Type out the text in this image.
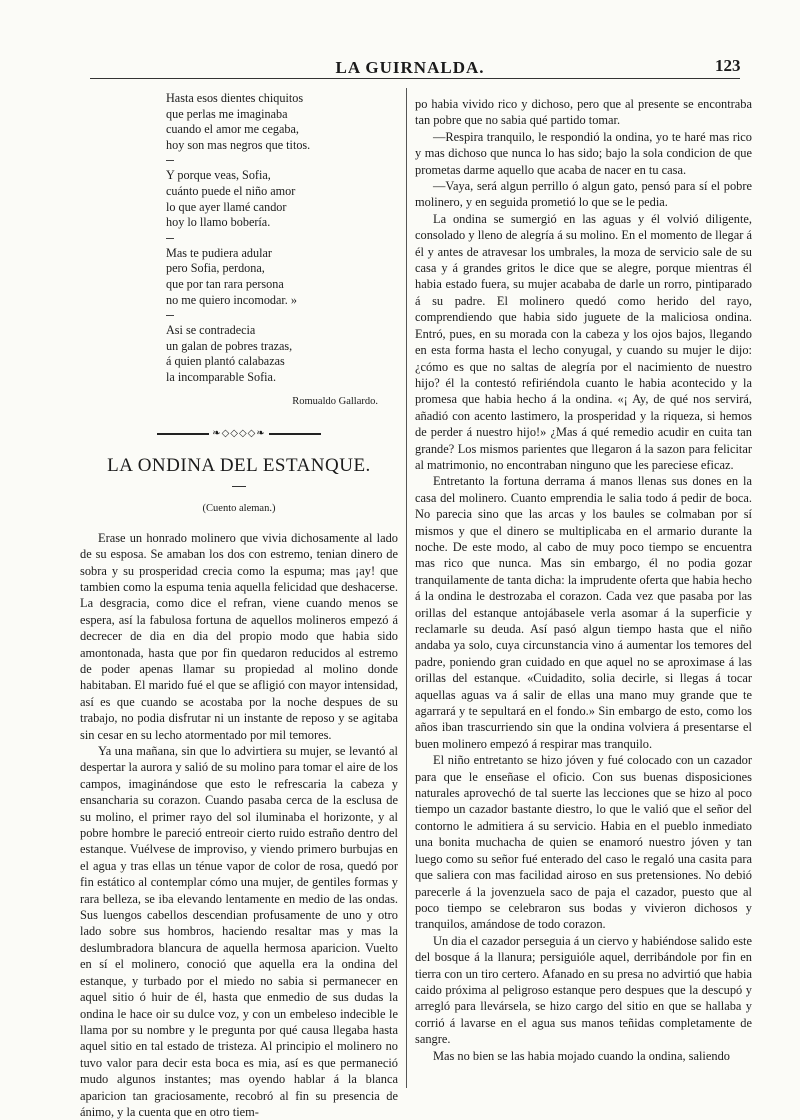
LA GUIRNALDA.	123
Hasta esos dientes chiquitos
que perlas me imaginaba
cuando el amor me cegaba,
hoy son mas negros que titos.
Y porque veas, Sofia,
cuánto puede el niño amor
lo que ayer llamé candor
hoy lo llamo bobería.
Mas te pudiera adular
pero Sofia, perdona,
que por tan rara persona
no me quiero incomodar. »
Asi se contradecia
un galan de pobres trazas,
á quien plantó calabazas
la incomparable Sofia.
Romualdo Gallardo.
❧◇◇◇◇❧
LA ONDINA DEL ESTANQUE.
(Cuento aleman.)

Erase un honrado molinero que vivia dichosamente al lado de su esposa. Se amaban los dos con estremo, tenian dinero de sobra y su prosperidad crecia como la espuma; mas ¡ay! que tambien como la espuma tenia aquella felicidad que deshacerse. La desgracia, como dice el refran, viene cuando menos se espera, así la fabulosa fortuna de aquellos molineros empezó á decrecer de dia en dia del propio modo que habia sido amontonada, hasta que por fin quedaron reducidos al estremo de poder apenas llamar su propiedad al molino donde habitaban. El marido fué el que se afligió con mayor intensidad, así es que cuando se acostaba por la noche despues de su trabajo, no podia disfrutar ni un instante de reposo y se agitaba sin cesar en su lecho atormentado por mil temores.

Ya una mañana, sin que lo advirtiera su mujer, se levantó al despertar la aurora y salió de su molino para tomar el aire de los campos, imaginándose que esto le refrescaria la cabeza y ensancharia su corazon. Cuando pasaba cerca de la esclusa de su molino, el primer rayo del sol iluminaba el horizonte, y al pobre hombre le pareció entreoir cierto ruido estraño dentro del estanque. Vuélvese de improviso, y viendo primero burbujas en el agua y tras ellas un ténue vapor de color de rosa, quedó por fin estático al contemplar cómo una mujer, de gentiles formas y rara belleza, se iba elevando lentamente en medio de las ondas. Sus luengos cabellos descendian profusamente de uno y otro lado sobre sus hombros, haciendo resaltar mas y mas la deslumbradora blancura de aquella hermosa aparicion. Vuelto en sí el molinero, conoció que aquella era la ondina del estanque, y turbado por el miedo no sabia si permanecer en aquel sitio ó huir de él, hasta que enmedio de sus dudas la ondina le hace oir su dulce voz, y con un embeleso indecible le llama por su nombre y le pregunta por qué causa llegaba hasta aquel sitio en tal estado de tristeza. Al principio el molinero no tuvo valor para decir esta boca es mia, así es que permaneció mudo algunos instantes; mas oyendo hablar á la blanca aparicion tan graciosamente, recobró al fin su presencia de ánimo, y la cuenta que en otro tiem-

po habia vivido rico y dichoso, pero que al presente se encontraba tan pobre que no sabia qué partido tomar.

—Respira tranquilo, le respondió la ondina, yo te haré mas rico y mas dichoso que nunca lo has sido; bajo la sola condicion de que prometas darme aquello que acaba de nacer en tu casa.

—Vaya, será algun perrillo ó algun gato, pensó para sí el pobre molinero, y en seguida prometió lo que se le pedia.

La ondina se sumergió en las aguas y él volvió diligente, consolado y lleno de alegría á su molino. En el momento de llegar á él y antes de atravesar los umbrales, la moza de servicio sale de su casa y á grandes gritos le dice que se alegre, porque mientras él habia estado fuera, su mujer acababa de darle un rorro, pintiparado á su padre. El molinero quedó como herido del rayo, comprendiendo que habia sido juguete de la maliciosa ondina. Entró, pues, en su morada con la cabeza y los ojos bajos, llegando en esta forma hasta el lecho conyugal, y cuando su mujer le dijo: ¿cómo es que no saltas de alegría por el nacimiento de nuestro hijo? él la contestó refiriéndola cuanto le habia acontecido y la promesa que habia hecho á la ondina. «¡ Ay, de qué nos servirá, añadió con acento lastimero, la prosperidad y la riqueza, si hemos de perder á nuestro hijo!» ¿Mas á qué remedio acudir en cuita tan grande? Los mismos parientes que llegaron á la sazon para felicitar al matrimonio, no encontraban ninguno que les pareciese eficaz.

Entretanto la fortuna derrama á manos llenas sus dones en la casa del molinero. Cuanto emprendia le salia todo á pedir de boca. No parecia sino que las arcas y los baules se colmaban por sí mismos y que el dinero se multiplicaba en el armario durante la noche. De este modo, al cabo de muy poco tiempo se encuentra mas rico que nunca. Mas sin embargo, él no podia gozar tranquilamente de tanta dicha: la imprudente oferta que habia hecho á la ondina le destrozaba el corazon. Cada vez que pasaba por las orillas del estanque antojábasele verla asomar á la superficie y reclamarle su deuda. Así pasó algun tiempo hasta que el niño andaba ya solo, cuya circunstancia vino á aumentar los temores del padre, poniendo gran cuidado en que aquel no se aproximase á las orillas del estanque. «Cuidadito, solia decirle, si llegas á tocar aquellas aguas va á salir de ellas una mano muy grande que te agarrará y te sepultará en el fondo.» Sin embargo de esto, como los años iban trascurriendo sin que la ondina volviera á presentarse el buen molinero empezó á respirar mas tranquilo.

El niño entretanto se hizo jóven y fué colocado con un cazador para que le enseñase el oficio. Con sus buenas disposiciones naturales aprovechó de tal suerte las lecciones que se hizo al poco tiempo un cazador bastante diestro, lo que le valió que el señor del contorno le admitiera á su servicio. Habia en el pueblo inmediato una bonita muchacha de quien se enamoró nuestro jóven y tan luego como su señor fué enterado del caso le regaló una casita para que saliera con mas facilidad airoso en sus pretensiones. No debió parecerle á la jovenzuela saco de paja el cazador, puesto que al poco tiempo se celebraron sus bodas y vivieron dichosos y tranquilos, amándose de todo corazon.

Un dia el cazador perseguia á un ciervo y habiéndose salido este del bosque á la llanura; persiguióle aquel, derribándole por fin en tierra con un tiro certero. Afanado en su presa no advirtió que habia caido próxima al peligroso estanque pero despues que la descupó y arregló para llevársela, se hizo cargo del sitio en que se hallaba y corrió á lavarse en el agua sus manos teñidas completamente de sangre.

Mas no bien se las habia mojado cuando la ondina, saliendo
